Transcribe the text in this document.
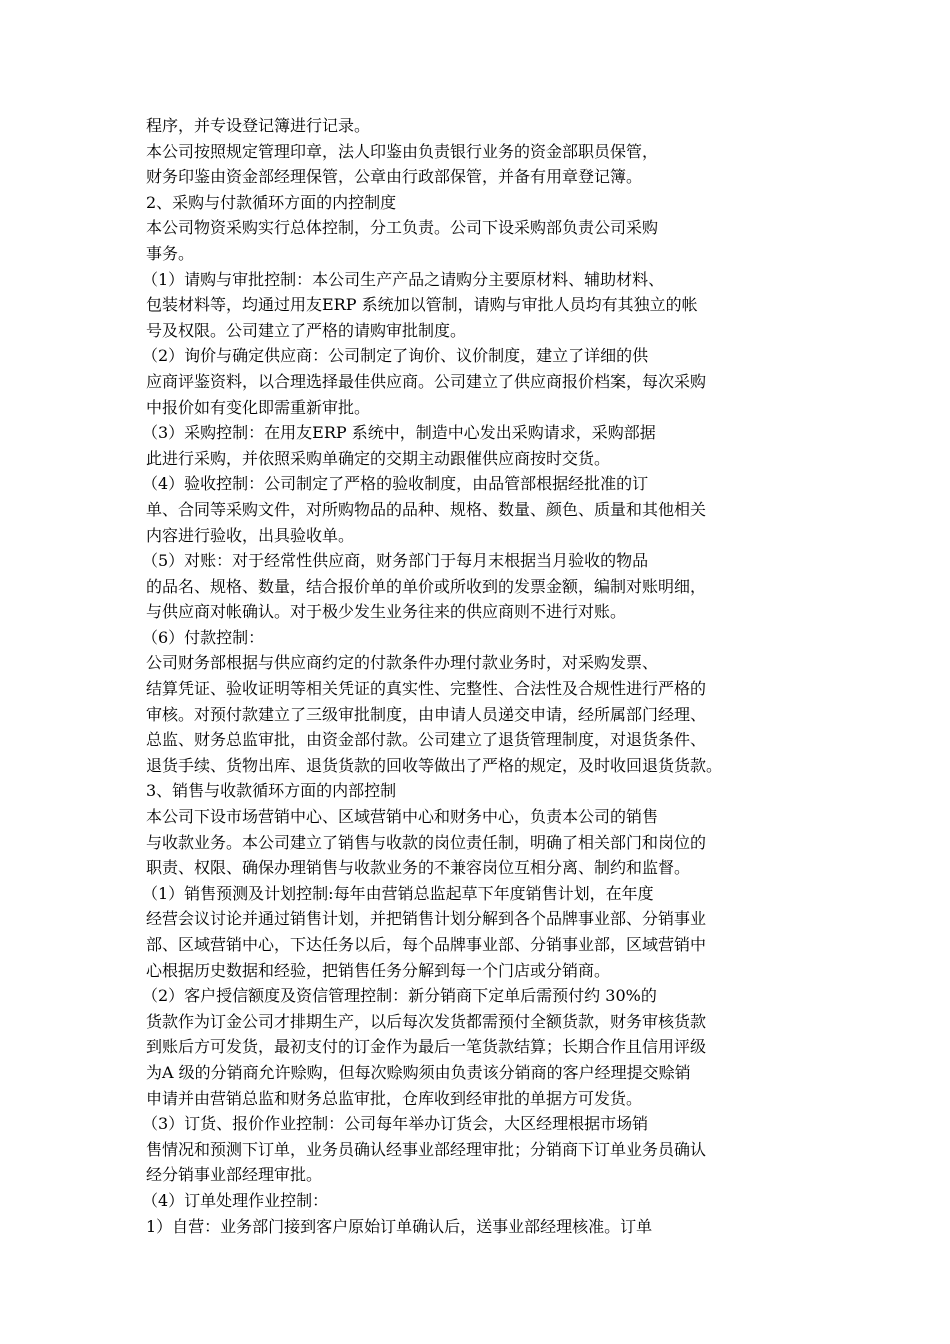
程序，并专设登记簿进行记录。
本公司按照规定管理印章，法人印鉴由负责银行业务的资金部职员保管，
财务印鉴由资金部经理保管，公章由行政部保管，并备有用章登记簿。
2、采购与付款循环方面的内控制度
本公司物资采购实行总体控制，分工负责。公司下设采购部负责公司采购
事务。
（1）请购与审批控制：本公司生产产品之请购分主要原材料、辅助材料、
包装材料等，均通过用友ERP 系统加以管制，请购与审批人员均有其独立的帐
号及权限。公司建立了严格的请购审批制度。
（2）询价与确定供应商：公司制定了询价、议价制度，建立了详细的供
应商评鉴资料，以合理选择最佳供应商。公司建立了供应商报价档案，每次采购
中报价如有变化即需重新审批。
（3）采购控制：在用友ERP 系统中，制造中心发出采购请求，采购部据
此进行采购，并依照采购单确定的交期主动跟催供应商按时交货。
（4）验收控制：公司制定了严格的验收制度，由品管部根据经批准的订
单、合同等采购文件，对所购物品的品种、规格、数量、颜色、质量和其他相关
内容进行验收，出具验收单。
（5）对账：对于经常性供应商，财务部门于每月末根据当月验收的物品
的品名、规格、数量，结合报价单的单价或所收到的发票金额，编制对账明细，
与供应商对帐确认。对于极少发生业务往来的供应商则不进行对账。
（6）付款控制：
公司财务部根据与供应商约定的付款条件办理付款业务时，对采购发票、
结算凭证、验收证明等相关凭证的真实性、完整性、合法性及合规性进行严格的
审核。对预付款建立了三级审批制度，由申请人员递交申请，经所属部门经理、
总监、财务总监审批，由资金部付款。公司建立了退货管理制度，对退货条件、
退货手续、货物出库、退货货款的回收等做出了严格的规定，及时收回退货货款。
3、销售与收款循环方面的内部控制
本公司下设市场营销中心、区域营销中心和财务中心，负责本公司的销售
与收款业务。本公司建立了销售与收款的岗位责任制，明确了相关部门和岗位的
职责、权限、确保办理销售与收款业务的不兼容岗位互相分离、制约和监督。
（1）销售预测及计划控制:每年由营销总监起草下年度销售计划，在年度
经营会议讨论并通过销售计划，并把销售计划分解到各个品牌事业部、分销事业
部、区域营销中心，下达任务以后，每个品牌事业部、分销事业部，区域营销中
心根据历史数据和经验，把销售任务分解到每一个门店或分销商。
（2）客户授信额度及资信管理控制：新分销商下定单后需预付约 30%的
货款作为订金公司才排期生产，以后每次发货都需预付全额货款，财务审核货款
到账后方可发货，最初支付的订金作为最后一笔货款结算；长期合作且信用评级
为A 级的分销商允许赊购，但每次赊购须由负责该分销商的客户经理提交赊销
申请并由营销总监和财务总监审批，仓库收到经审批的单据方可发货。
（3）订货、报价作业控制：公司每年举办订货会，大区经理根据市场销
售情况和预测下订单，业务员确认经事业部经理审批；分销商下订单业务员确认
经分销事业部经理审批。
（4）订单处理作业控制：
1）自营：业务部门接到客户原始订单确认后，送事业部经理核准。订单
